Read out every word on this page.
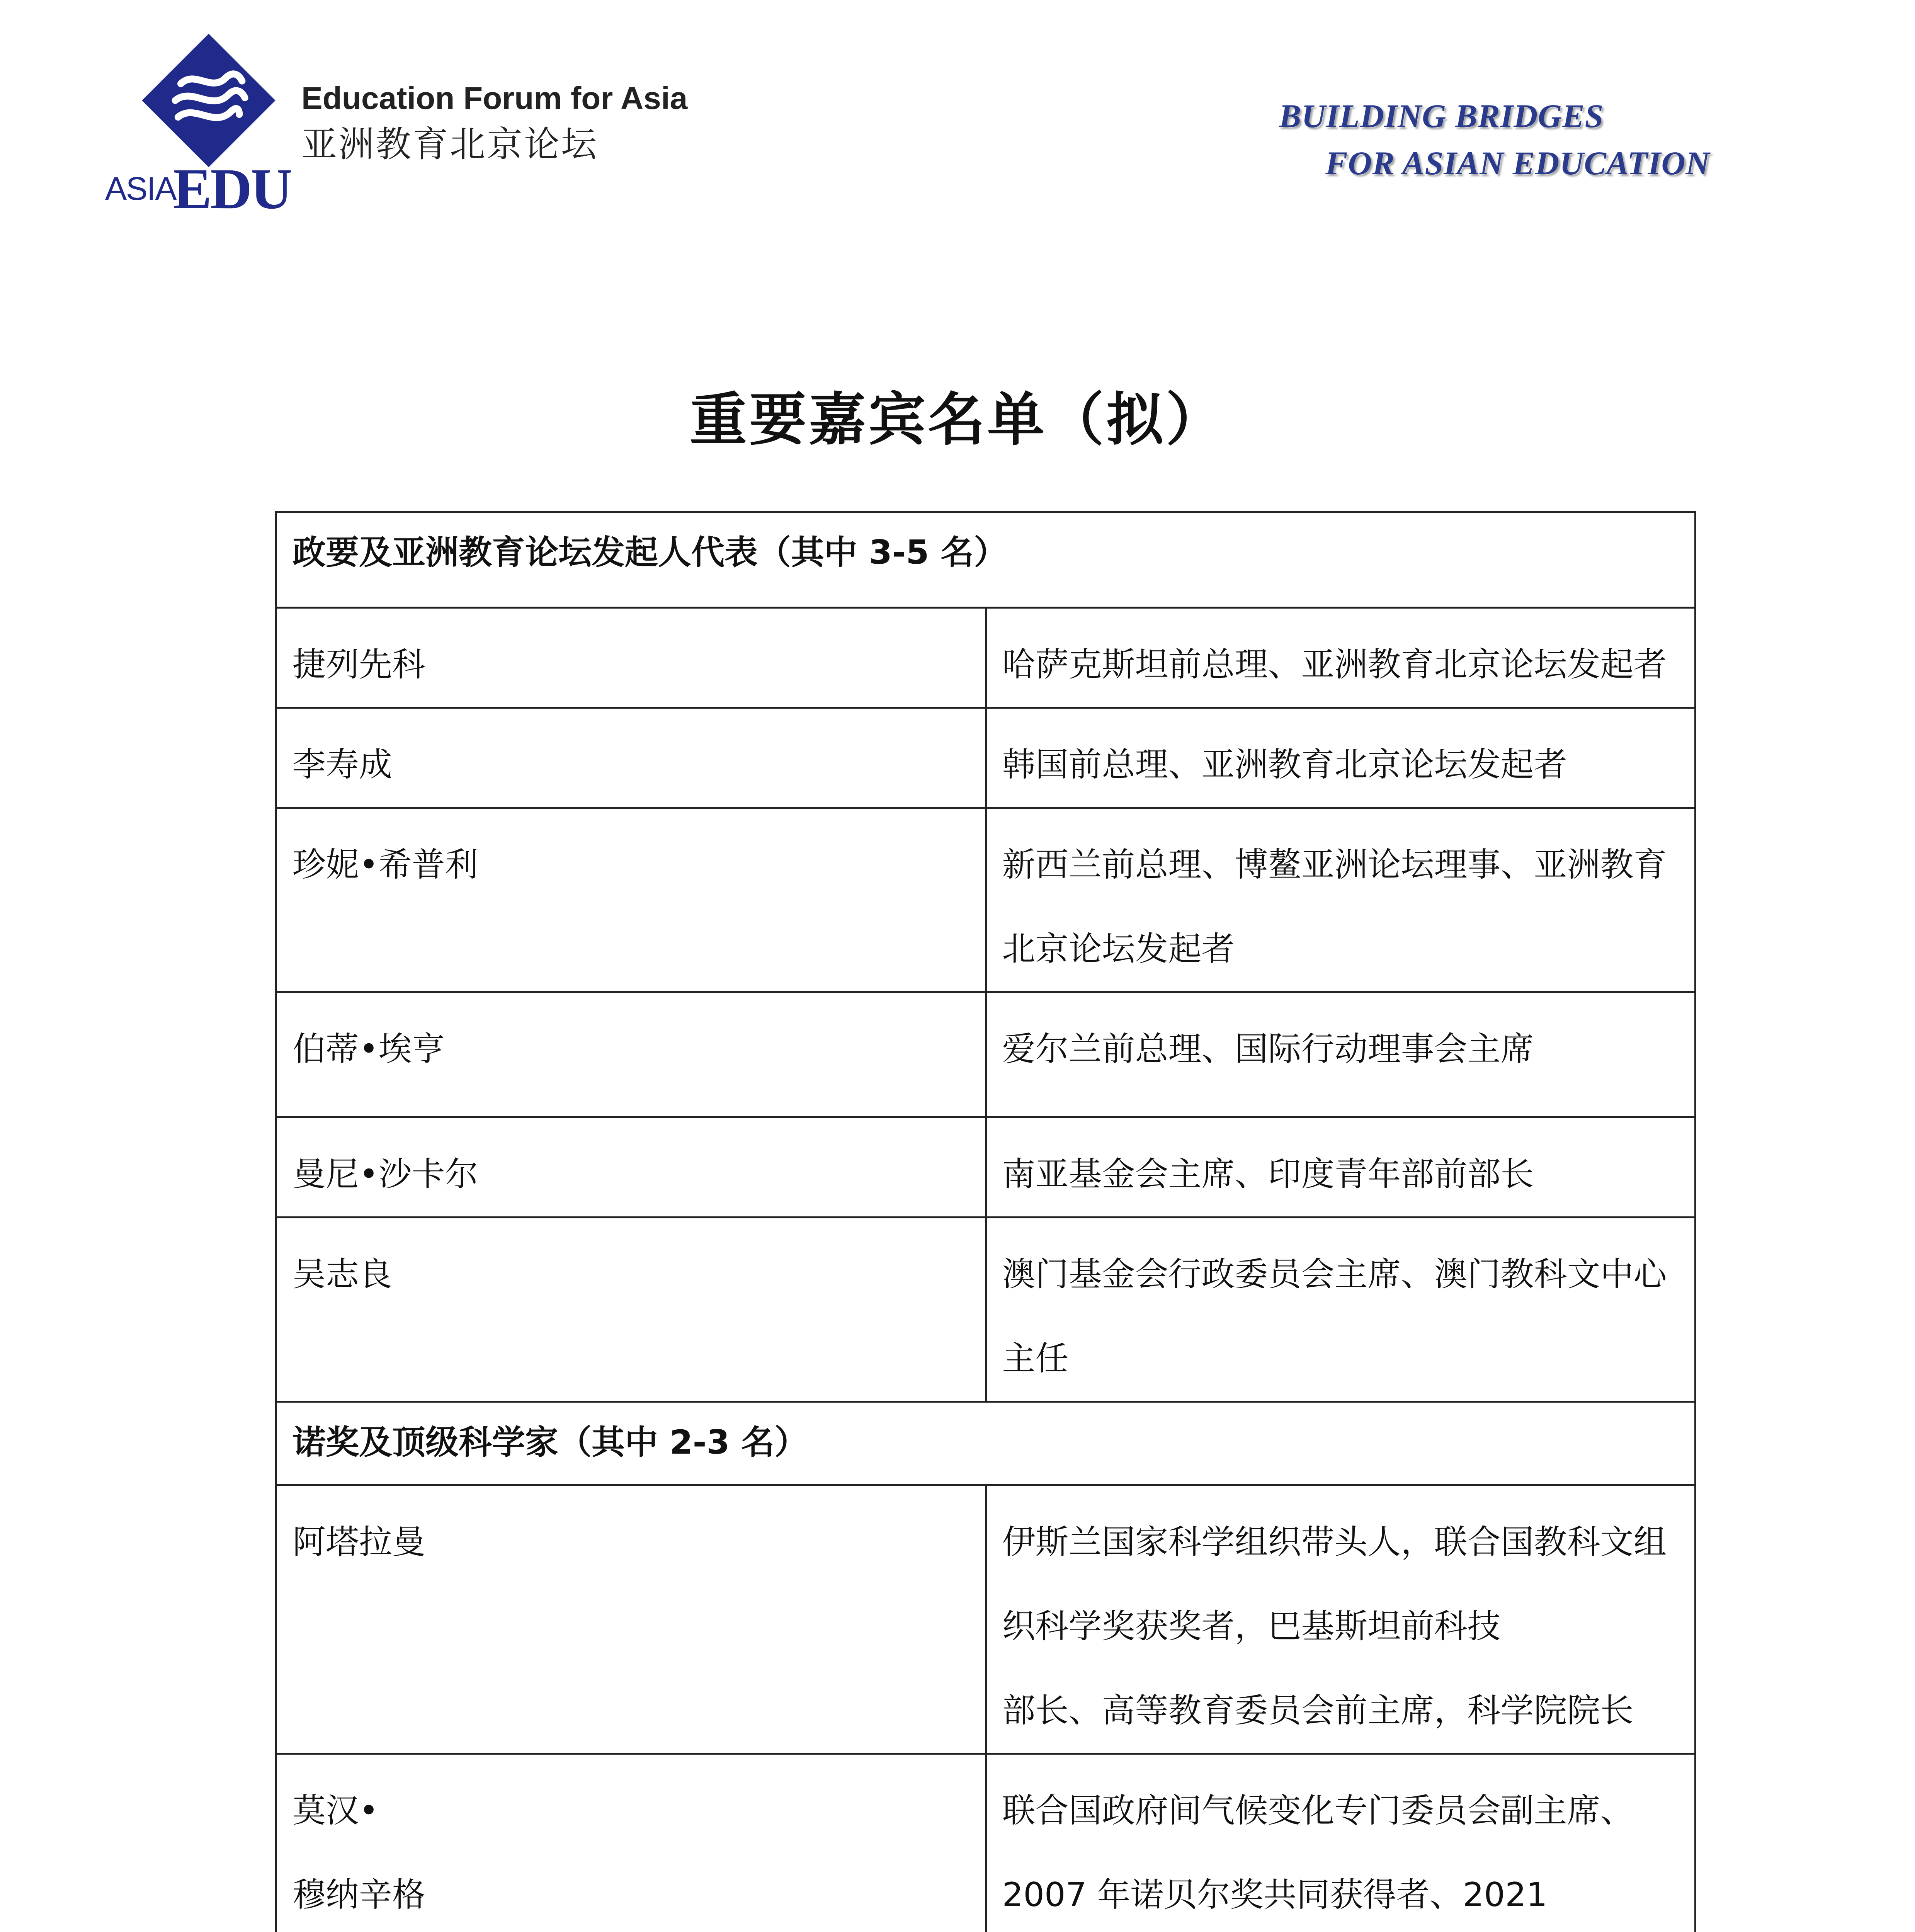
ASIA
EDU
Education Forum for Asia
亚洲教育北京论坛
BUILDING BRIDGES
FOR ASIAN EDUCATION
重要嘉宾名单（拟）
政要及亚洲教育论坛发起人代表（其中 3-5 名）	
捷列先科	哈萨克斯坦前总理、亚洲教育北京论坛发起者
李寿成	韩国前总理、亚洲教育北京论坛发起者
珍妮•希普利	新西兰前总理、博鳌亚洲论坛理事、亚洲教育北京论坛发起者
伯蒂•埃亨	爱尔兰前总理、国际行动理事会主席
曼尼•沙卡尔	南亚基金会主席、印度青年部前部长
吴志良	澳门基金会行政委员会主席、澳门教科文中心主任
诺奖及顶级科学家（其中 2-3 名）	
阿塔拉曼	伊斯兰国家科学组织带头人，联合国教科文组织科学奖获奖者，巴基斯坦前科技
部长、高等教育委员会前主席，科学院院长

莫汉•
穆纳辛格	联合国政府间气候变化专门委员会副主席、2007 年诺贝尔奖共同获得者、2021
